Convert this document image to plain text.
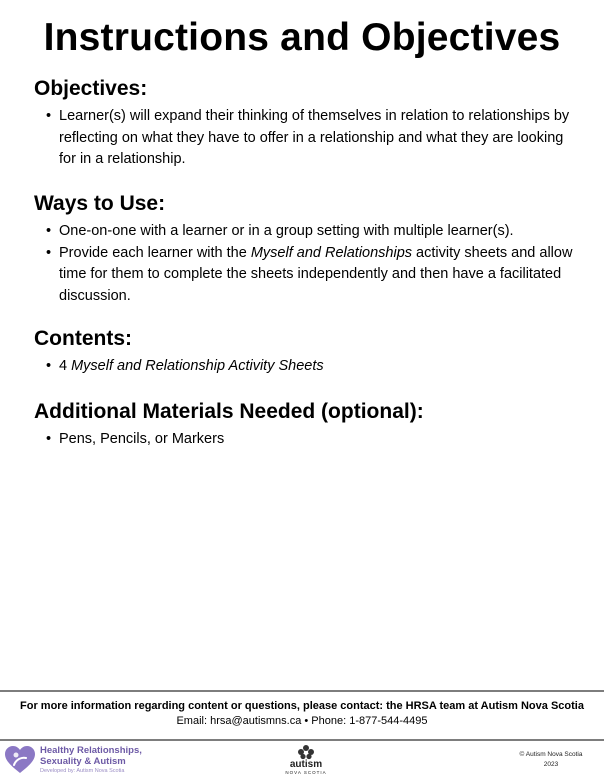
Instructions and Objectives
Objectives:
• Learner(s) will expand their thinking of themselves in relation to relationships by reflecting on what they have to offer in a relationship and what they are looking for in a relationship.
Ways to Use:
• One-on-one with a learner or in a group setting with multiple learner(s).
• Provide each learner with the Myself and Relationships activity sheets and allow time for them to complete the sheets independently and then have a facilitated discussion.
Contents:
• 4 Myself and Relationship Activity Sheets
Additional Materials Needed (optional):
• Pens, Pencils, or Markers
For more information regarding content or questions, please contact: the HRSA team at Autism Nova Scotia
Email: hrsa@autismns.ca • Phone: 1-877-544-4495
Healthy Relationships,
Sexuality & Autism
Developed by: Autism Nova Scotia
autism
NOVA SCOTIA
© Autism Nova Scotia
2023
